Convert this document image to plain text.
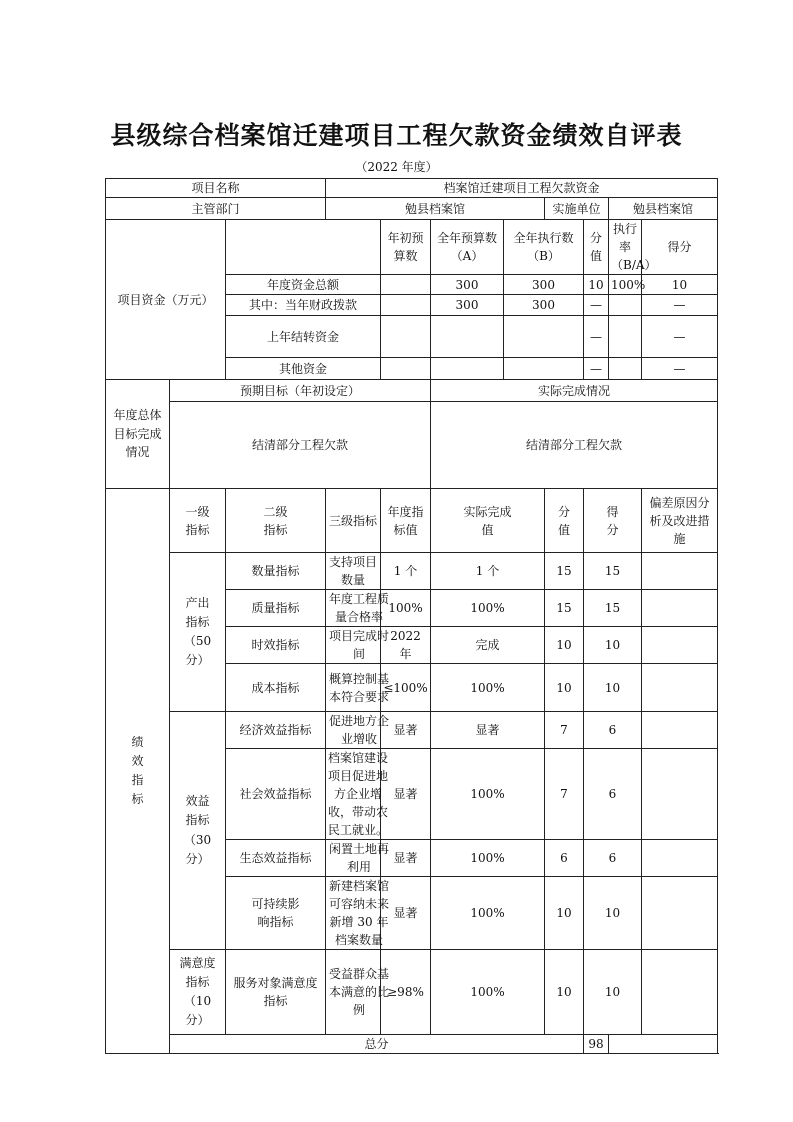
县级综合档案馆迁建项目工程欠款资金绩效自评表
（2022 年度）
项目名称			档案馆迁建项目工程欠款资金							
主管部门			勉县档案馆				实施单位		勉县档案馆	
项目资金（万元）				年初预算数	全年预算数（A）	全年执行数（B）		分值	执行率（B/A）	得分
		年度资金总额			300	300		10	100%	10
		其中：当年财政拨款			300	300		—		—

		上年结转资金						—		—
		其他资金						—		—

年度总体目标完成情况	预期目标（年初设定）				实际完成情况					
	结清部分工程欠款				结清部分工程欠款					

绩效指标	一级指标	二级指标	三级指标	年度指标值	实际完成值		分值	得分		偏差原因分析及改进措施

	产出指标（50分）	数量指标	支持项目数量	1 个	1 个		15	15		
		质量指标	年度工程质量合格率	100%	100%		15	15		
		时效指标	项目完成时间	2022 年	完成		10	10		
		成本指标	概算控制基本符合要求	≤100%	100%		10	10		

	效益指标（30分）	经济效益指标	促进地方企业增收	显著	显著		7	6		
		社会效益指标	档案馆建设项目促进地方企业增收，带动农民工就业。	显著	100%		7	6		
		生态效益指标	闲置土地再利用	显著	100%		6	6		

		可持续影响指标	新建档案馆可容纳未来新增 30 年档案数量	显著	100%		10	10		

	满意度指标（10分）	服务对象满意度指标	受益群众基本满意的比例	≥98%	100%		10	10		
	总分							98		
